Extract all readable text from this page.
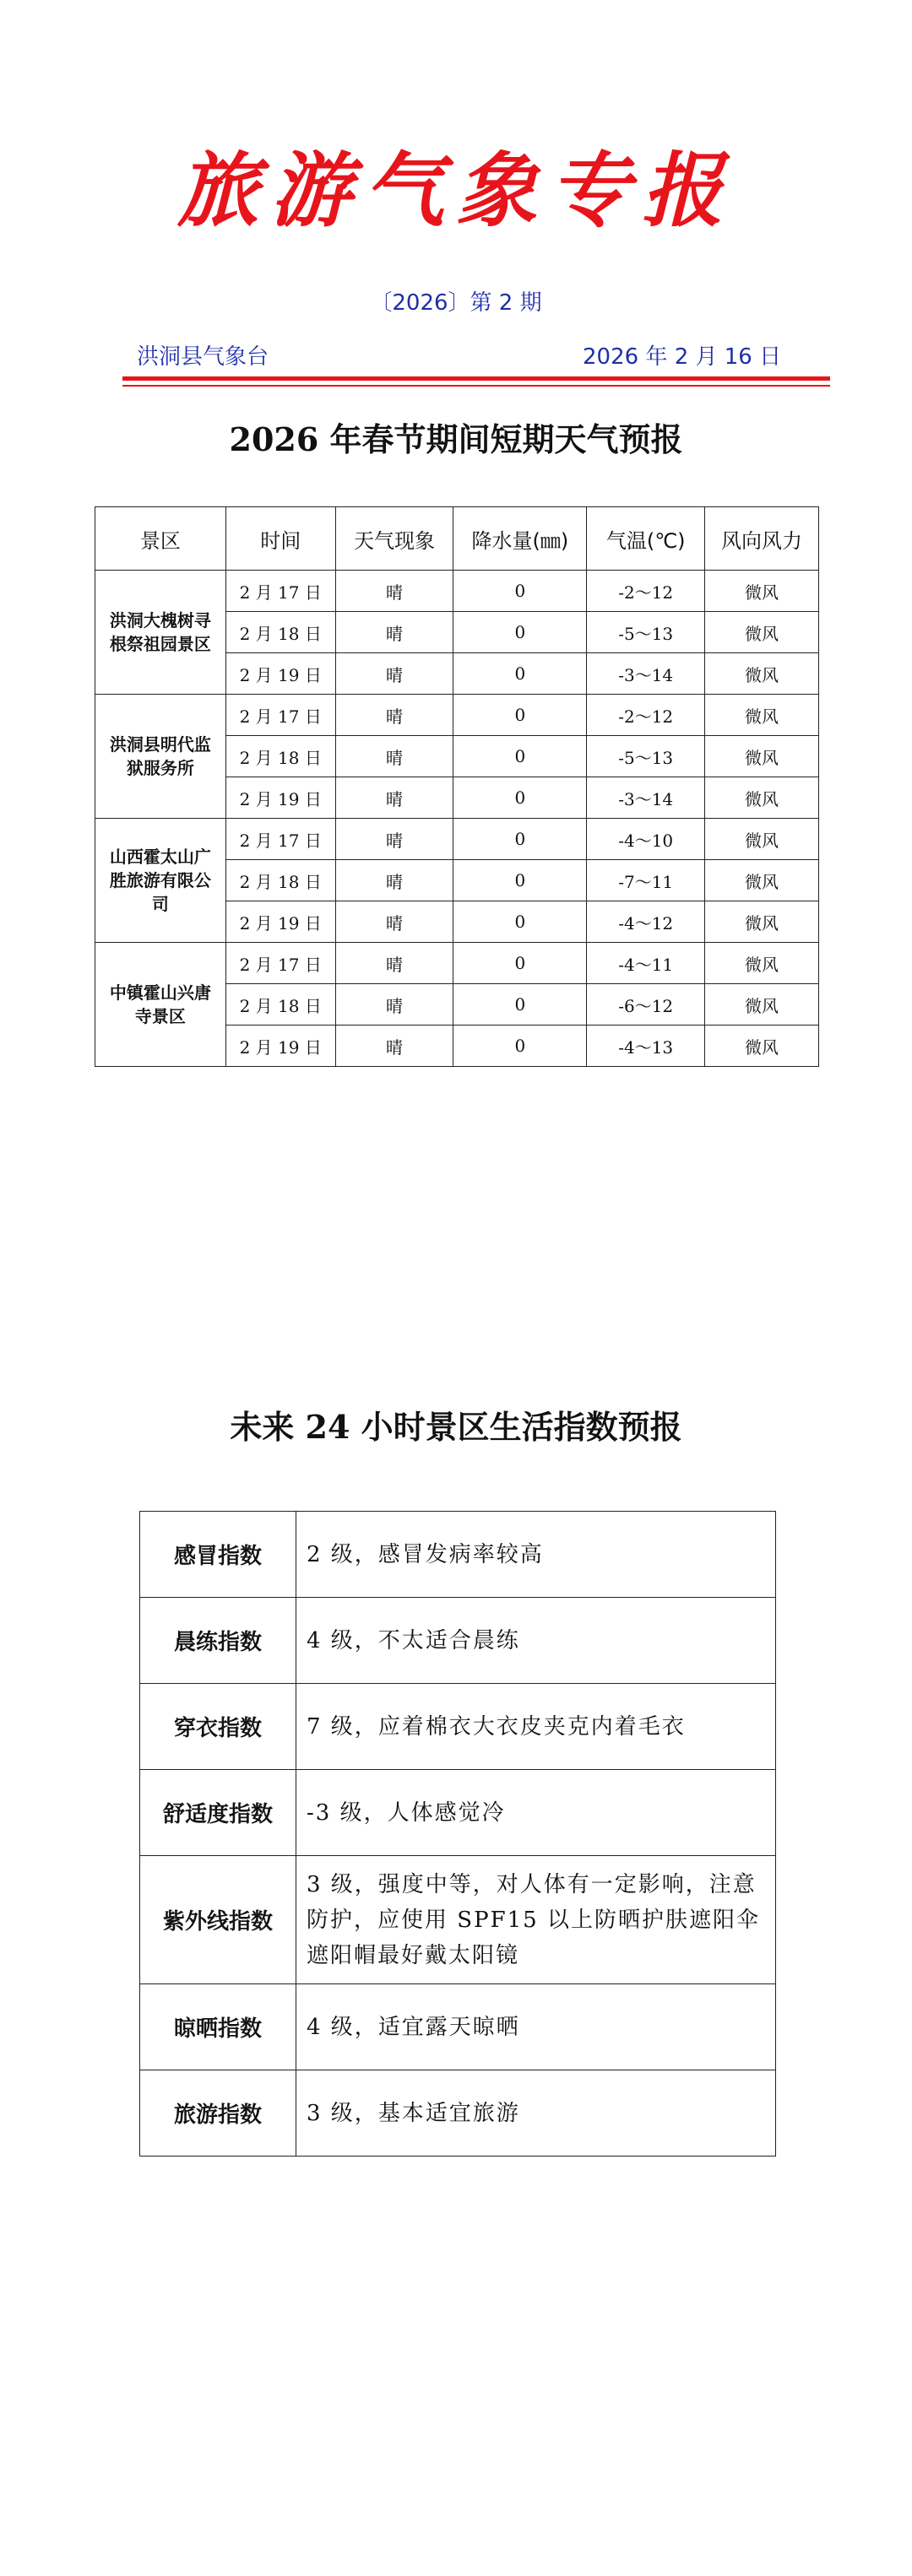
旅游气象专报
〔2026〕第 2 期
洪洞县气象台	2026 年 2 月 16 日
2026 年春节期间短期天气预报
景区	时间	天气现象	降水量(㎜)	气温(℃)	风向风力
洪洞大槐树寻根祭祖园景区	2 月 17 日	晴	0	-2～12	微风
	2 月 18 日	晴	0	-5～13	微风
	2 月 19 日	晴	0	-3～14	微风
洪洞县明代监狱服务所	2 月 17 日	晴	0	-2～12	微风
	2 月 18 日	晴	0	-5～13	微风
	2 月 19 日	晴	0	-3～14	微风
山西霍太山广胜旅游有限公司	2 月 17 日	晴	0	-4～10	微风
	2 月 18 日	晴	0	-7～11	微风
	2 月 19 日	晴	0	-4～12	微风
中镇霍山兴唐寺景区	2 月 17 日	晴	0	-4～11	微风
	2 月 18 日	晴	0	-6～12	微风
	2 月 19 日	晴	0	-4～13	微风
未来 24 小时景区生活指数预报
感冒指数	2 级，感冒发病率较高
晨练指数	4 级，不太适合晨练
穿衣指数	7 级，应着棉衣大衣皮夹克内着毛衣
舒适度指数	-3 级，人体感觉冷
紫外线指数	3 级，强度中等，对人体有一定影响，注意防护，应使用 SPF15 以上防晒护肤遮阳伞遮阳帽最好戴太阳镜
晾晒指数	4 级，适宜露天晾晒
旅游指数	3 级，基本适宜旅游
